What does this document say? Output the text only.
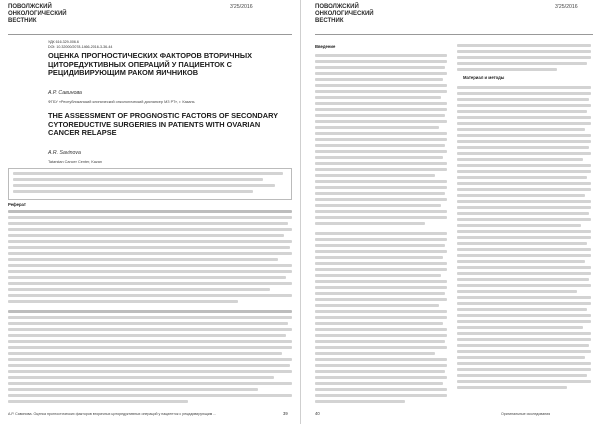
ПОВОЛЖСКИЙ
ОНКОЛОГИЧЕСКИЙ
ВЕСТНИК
3'25/2016
УДК 616.329-006.6
DOI: 10.32000/2078-1466-2016-3-36-44
ОЦЕНКА ПРОГНОСТИЧЕСКИХ ФАКТОРОВ ВТОРИЧНЫХ ЦИТОРЕДУКТИВНЫХ ОПЕРАЦИЙ У ПАЦИЕНТОК С РЕЦИДИВИРУЮЩИМ РАКОМ ЯИЧНИКОВ
А.Р. Савинова
ФГБУ «Республиканский клинический онкологический диспансер МЗ РТ», г. Казань
THE ASSESSMENT OF PROGNOSTIC FACTORS OF SECONDARY CYTOREDUCTIVE SURGERIES IN PATIENTS WITH OVARIAN CANCER RELAPSE
A.R. Savinova
Tatarstan Cancer Center, Kazan
Реферат
А.Р. Савинова. Оценка прогностических факторов вторичных циторедуктивных операций у пациенток с рецидивирующим ...	39
ПОВОЛЖСКИЙ
ОНКОЛОГИЧЕСКИЙ
ВЕСТНИК
3'25/2016
Введение
Материал и методы
40	Оригинальные исследования
